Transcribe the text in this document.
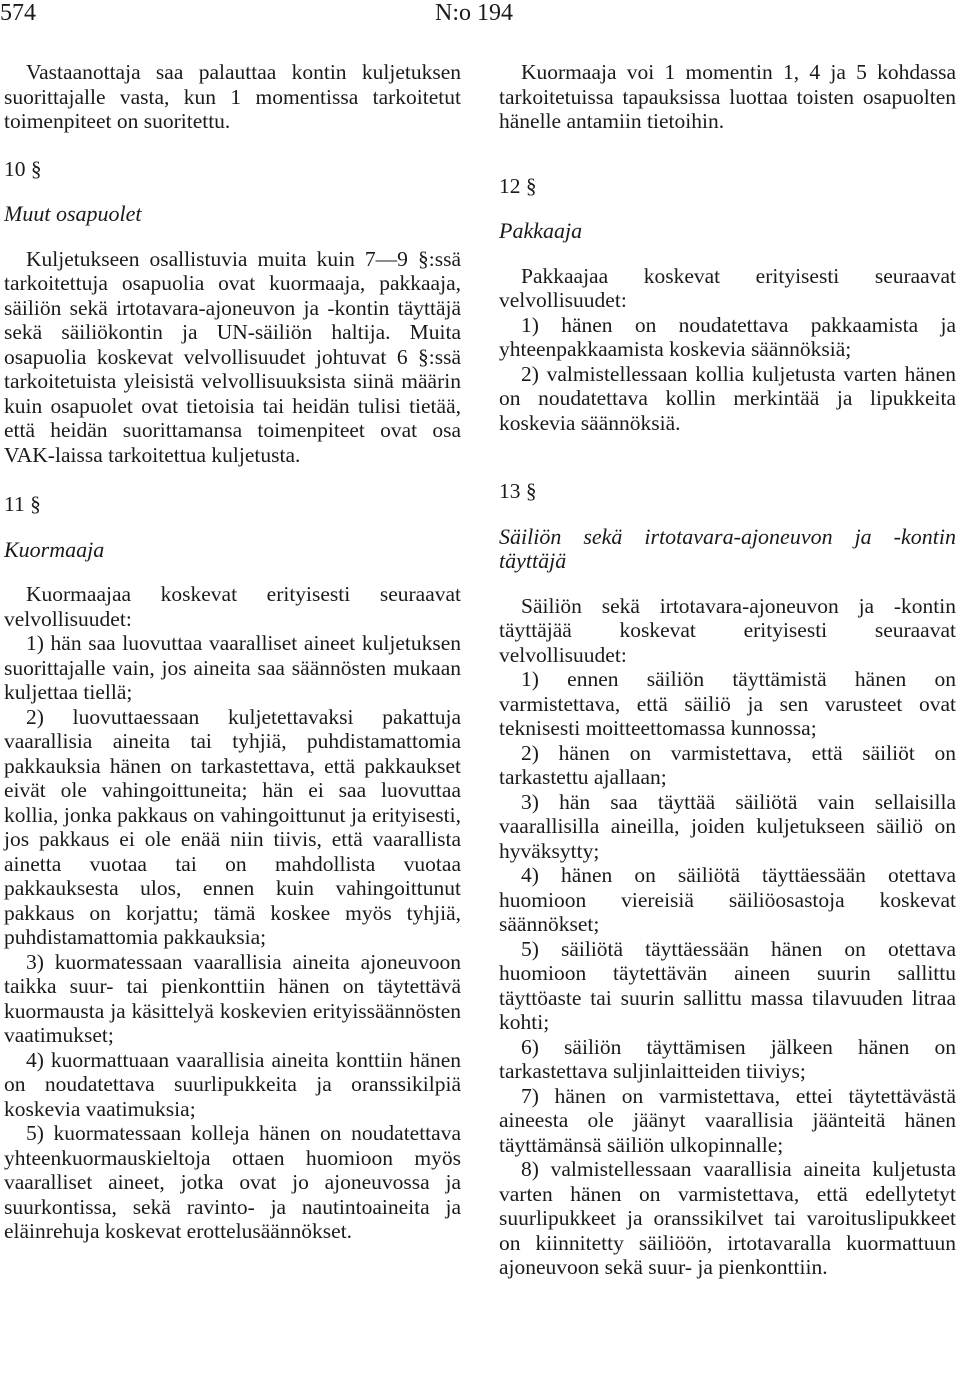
574	N:o 194

Vastaanottaja saa palauttaa kontin kuljetuksen suorittajalle vasta, kun 1 momentissa tarkoitetut toimenpiteet on suoritettu.

10 §

Muut osapuolet

Kuljetukseen osallistuvia muita kuin 7—9 §:ssä tarkoitettuja osapuolia ovat kuormaaja, pakkaaja, säiliön sekä irtotavara-ajoneuvon ja -kontin täyttäjä sekä säiliökontin ja UN-säiliön haltija. Muita osapuolia koskevat velvollisuudet johtuvat 6 §:ssä tarkoitetuista yleisistä velvollisuuksista siinä määrin kuin osapuolet ovat tietoisia tai heidän tulisi tietää, että heidän suorittamansa toimenpiteet ovat osa VAK-laissa tarkoitettua kuljetusta.

11 §

Kuormaaja

Kuormaajaa koskevat erityisesti seuraavat velvollisuudet:

1) hän saa luovuttaa vaaralliset aineet kuljetuksen suorittajalle vain, jos aineita saa säännösten mukaan kuljettaa tiellä;

2) luovuttaessaan kuljetettavaksi pakattuja vaarallisia aineita tai tyhjiä, puhdistamattomia pakkauksia hänen on tarkastettava, että pakkaukset eivät ole vahingoittuneita; hän ei saa luovuttaa kollia, jonka pakkaus on vahingoittunut ja erityisesti, jos pakkaus ei ole enää niin tiivis, että vaarallista ainetta vuotaa tai on mahdollista vuotaa pakkauksesta ulos, ennen kuin vahingoittunut pakkaus on korjattu; tämä koskee myös tyhjiä, puhdistamattomia pakkauksia;

3) kuormatessaan vaarallisia aineita ajoneuvoon taikka suur- tai pienkonttiin hänen on täytettävä kuormausta ja käsittelyä koskevien erityissäännösten vaatimukset;

4) kuormattuaan vaarallisia aineita konttiin hänen on noudatettava suurlipukkeita ja oranssikilpiä koskevia vaatimuksia;

5) kuormatessaan kolleja hänen on noudatettava yhteenkuormauskieltoja ottaen huomioon myös vaaralliset aineet, jotka ovat jo ajoneuvossa ja suurkontissa, sekä ravinto- ja nautintoaineita ja eläinrehuja koskevat erottelusäännökset.

Kuormaaja voi 1 momentin 1, 4 ja 5 kohdassa tarkoitetuissa tapauksissa luottaa toisten osapuolten hänelle antamiin tietoihin.

12 §

Pakkaaja

Pakkaajaa koskevat erityisesti seuraavat velvollisuudet:

1) hänen on noudatettava pakkaamista ja yhteenpakkaamista koskevia säännöksiä;

2) valmistellessaan kollia kuljetusta varten hänen on noudatettava kollin merkintää ja lipukkeita koskevia säännöksiä.

13 §

Säiliön sekä irtotavara-ajoneuvon ja -kontin täyttäjä

Säiliön sekä irtotavara-ajoneuvon ja -kontin täyttäjää koskevat erityisesti seuraavat velvollisuudet:

1) ennen säiliön täyttämistä hänen on varmistettava, että säiliö ja sen varusteet ovat teknisesti moitteettomassa kunnossa;

2) hänen on varmistettava, että säiliöt on tarkastettu ajallaan;

3) hän saa täyttää säiliötä vain sellaisilla vaarallisilla aineilla, joiden kuljetukseen säiliö on hyväksytty;

4) hänen on säiliötä täyttäessään otettava huomioon viereisiä säiliöosastoja koskevat säännökset;

5) säiliötä täyttäessään hänen on otettava huomioon täytettävän aineen suurin sallittu täyttöaste tai suurin sallittu massa tilavuuden litraa kohti;

6) säiliön täyttämisen jälkeen hänen on tarkastettava suljinlaitteiden tiiviys;

7) hänen on varmistettava, ettei täytettävästä aineesta ole jäänyt vaarallisia jäänteitä hänen täyttämänsä säiliön ulkopinnalle;

8) valmistellessaan vaarallisia aineita kuljetusta varten hänen on varmistettava, että edellytetyt suurlipukkeet ja oranssikilvet tai varoituslipukkeet on kiinnitetty säiliöön, irtotavaralla kuormattuun ajoneuvoon sekä suur- ja pienkonttiin.
